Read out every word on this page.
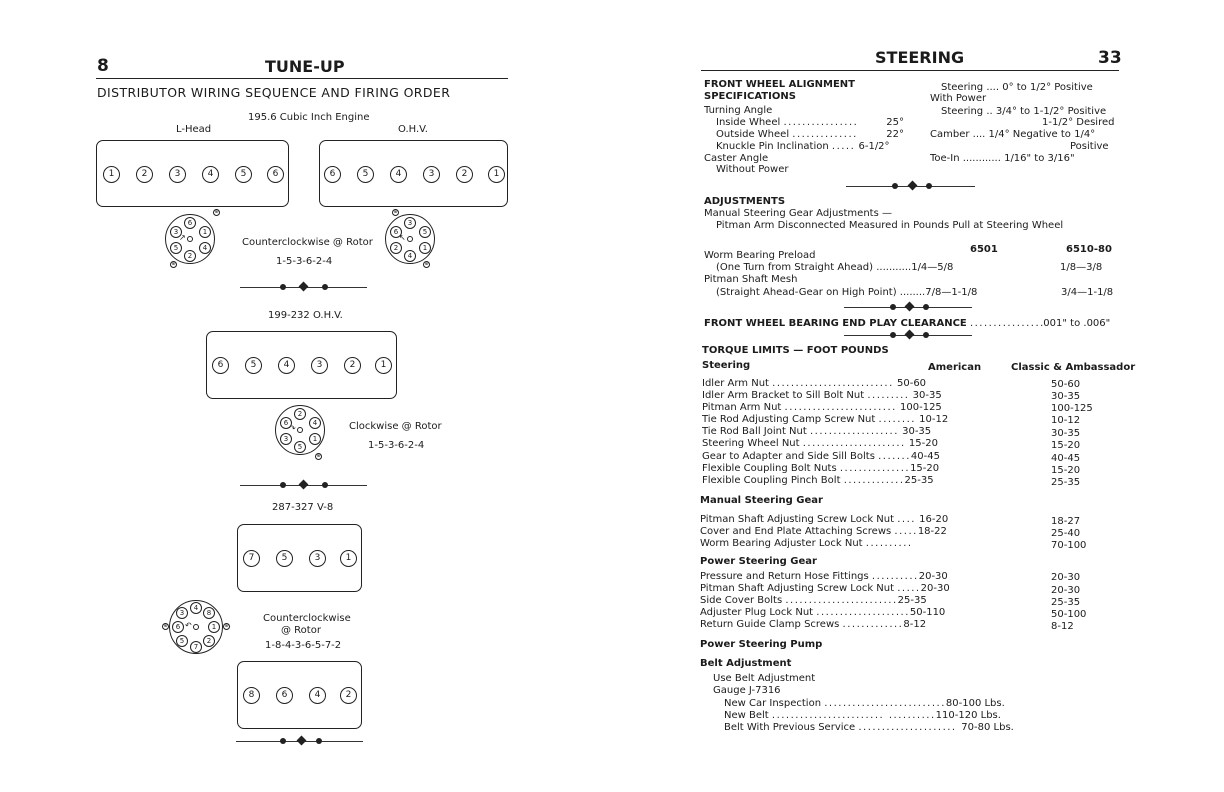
8	TUNE-UP
DISTRIBUTOR WIRING SEQUENCE AND FIRING ORDER
195.6 Cubic Inch Engine
L-Head	O.H.V.
1	2	3	4	5	6	6	5	4	3	2	1
6
1
4
2
5
3
↗
⊕
⊕
3
5
1
4
2
6
↖
⊕
⊕
Counterclockwise @ Rotor
1-5-3-6-2-4
199-232 O.H.V.
6	5	4	3	2	1
2
4
1
5
3
6
↷
⊕
Clockwise @ Rotor
1-5-3-6-2-4
287-327 V-8
7	5	3	1
4
8
1
2
7
5
6
3
↶
⊕	⊕
Counterclockwise
@ Rotor
1-8-4-3-6-5-7-2
8	6	4	2
STEERING	33
FRONT WHEEL ALIGNMENT
SPECIFICATIONS
Turning Angle
Inside Wheel ................	25°
Outside Wheel ..............	22°
Knuckle Pin Inclination ..... 6-1/2°
Caster Angle
Without Power
Steering .... 0° to 1/2° Positive
With Power
Steering .. 3/4° to 1-1/2° Positive
1-1/2° Desired
Camber .... 1/4° Negative to 1/4°
Positive
Toe-In ............ 1/16" to 3/16"
ADJUSTMENTS
Manual Steering Gear Adjustments —
Pitman Arm Disconnected Measured in Pounds Pull at Steering Wheel
6501	6510-80
Worm Bearing Preload
(One Turn from Straight Ahead) ...........1/4—5/8	1/8—3/8
Pitman Shaft Mesh
(Straight Ahead-Gear on High Point) ........7/8—1-1/8	3/4—1-1/8
FRONT WHEEL BEARING END PLAY CLEARANCE ................001" to .006"
TORQUE LIMITS — FOOT POUNDS
Steering	American	Classic & Ambassador
Idler Arm Nut .......................... 50-60	50-60
Idler Arm Bracket to Sill Bolt Nut ......... 30-35	30-35
Pitman Arm Nut ........................ 100-125	100-125
Tie Rod Adjusting Camp Screw Nut ........ 10-12	10-12
Tie Rod Ball Joint Nut ................... 30-35	30-35
Steering Wheel Nut ...................... 15-20	15-20
Gear to Adapter and Side Sill Bolts .......40-45	40-45
Flexible Coupling Bolt Nuts ...............15-20	15-20
Flexible Coupling Pinch Bolt .............25-35	25-35
Manual Steering Gear
Pitman Shaft Adjusting Screw Lock Nut .... 16-20	18-27
Cover and End Plate Attaching Screws .....18-22	25-40
Worm Bearing Adjuster Lock Nut ..........	70-100
Power Steering Gear
Pressure and Return Hose Fittings ..........20-30	20-30
Pitman Shaft Adjusting Screw Lock Nut .....20-30	20-30
Side Cover Bolts ........................25-35	25-35
Adjuster Plug Lock Nut ....................50-110	50-100
Return Guide Clamp Screws .............8-12	8-12
Power Steering Pump
Belt Adjustment
Use Belt Adjustment
Gauge J-7316
New Car Inspection ..........................80-100 Lbs.
New Belt ........................ ..........110-120 Lbs.
Belt With Previous Service ..................... 70-80 Lbs.
